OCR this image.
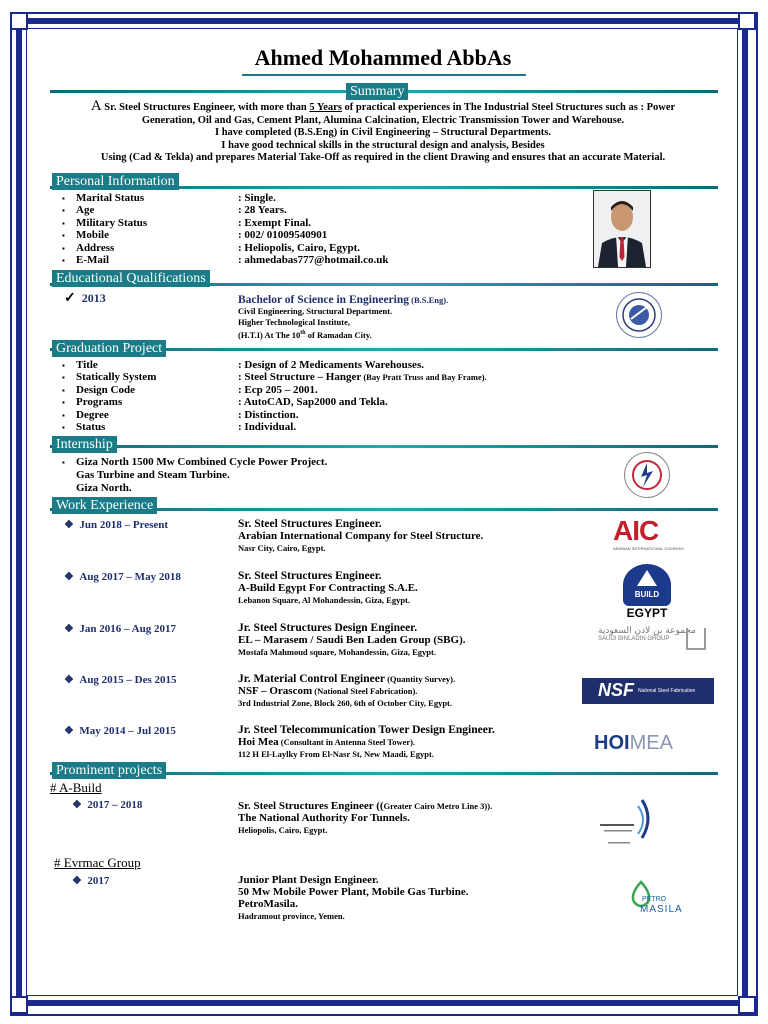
Ahmed Mohammed AbbAs
Summary
A Sr. Steel Structures Engineer, with more than 5 Years of practical experiences in The Industrial Steel Structures such as : Power
Generation, Oil and Gas, Cement Plant, Alumina Calcination, Electric Transmission Tower and Warehouse.
I have completed (B.S.Eng) in Civil Engineering – Structural Departments.
I have good technical skills in the structural design and analysis, Besides
Using (Cad & Tekla) and prepares Material Take-Off as required in the client Drawing and ensures that an accurate Material.
Personal Information
▪ Marital Status	: Single.
▪ Age	: 28 Years.
▪ Military Status	: Exempt Final.
▪ Mobile	: 002/ 01009540901
▪ Address	: Heliopolis, Cairo, Egypt.
▪ E-Mail	: ahmedabas777@hotmail.co.uk
Educational Qualifications
✓ 2013	Bachelor of Science in Engineering (B.S.Eng).
Civil Engineering, Structural Department.
Higher Technological Institute,
(H.T.I) At The 10th of Ramadan City.
Graduation Project
▪ Title	: Design of 2 Medicaments Warehouses.
▪ Statically System	: Steel Structure – Hanger (Bay Pratt Truss and Bay Frame).
▪ Design Code	: Ecp 205 – 2001.
▪ Programs	: AutoCAD, Sap2000 and Tekla.
▪ Degree	: Distinction.
▪ Status	: Individual.
Internship
▪ Giza North 1500 Mw Combined Cycle Power Project.
Gas Turbine and Steam Turbine.
Giza North.
Work Experience
❖  Jun 2018 – Present	Sr. Steel Structures Engineer.
Arabian International Company for Steel Structure.
Nasr City, Cairo, Egypt.
❖  Aug 2017 – May 2018	Sr. Steel Structures Engineer.
A-Build Egypt For Contracting S.A.E.
Lebanon Square, Al Mohandessin, Giza, Egypt.
❖  Jan 2016 – Aug 2017	Jr. Steel Structures Design Engineer.
EL – Marasem / Saudi Ben Laden Group (SBG).
Mostafa Mahmoud square, Mohandessin, Giza, Egypt.
❖  Aug 2015 – Des 2015	Jr. Material Control Engineer (Quantity Survey).
NSF – Orascom (National Steel Fabrication).
3rd Industrial Zone, Block 260, 6th of October City, Egypt.
❖  May 2014 – Jul 2015	Jr. Steel Telecommunication Tower Design Engineer.
Hoi Mea (Consultant in Antenna Steel Tower).
112 H El-Laylky From El-Nasr St, New Maadi, Egypt.
AIC
ARABIAN INTERNATIONAL COMPANY
BUILD
EGYPT
مجموعة بن لادن السعودية
SAUDI BINLADIN GROUP
NSF National Steel Fabrication
HOIMEA
Prominent projects
# A-Build
❖  2017 – 2018	Sr. Steel Structures Engineer ((Greater Cairo Metro Line 3)).
The National Authority For Tunnels.
Heliopolis, Cairo, Egypt.
# Evrmac Group
❖  2017	Junior Plant Design Engineer.
50 Mw Mobile Power Plant, Mobile Gas Turbine.
PetroMasila.
Hadramout province, Yemen.
PETRO
MASILA
